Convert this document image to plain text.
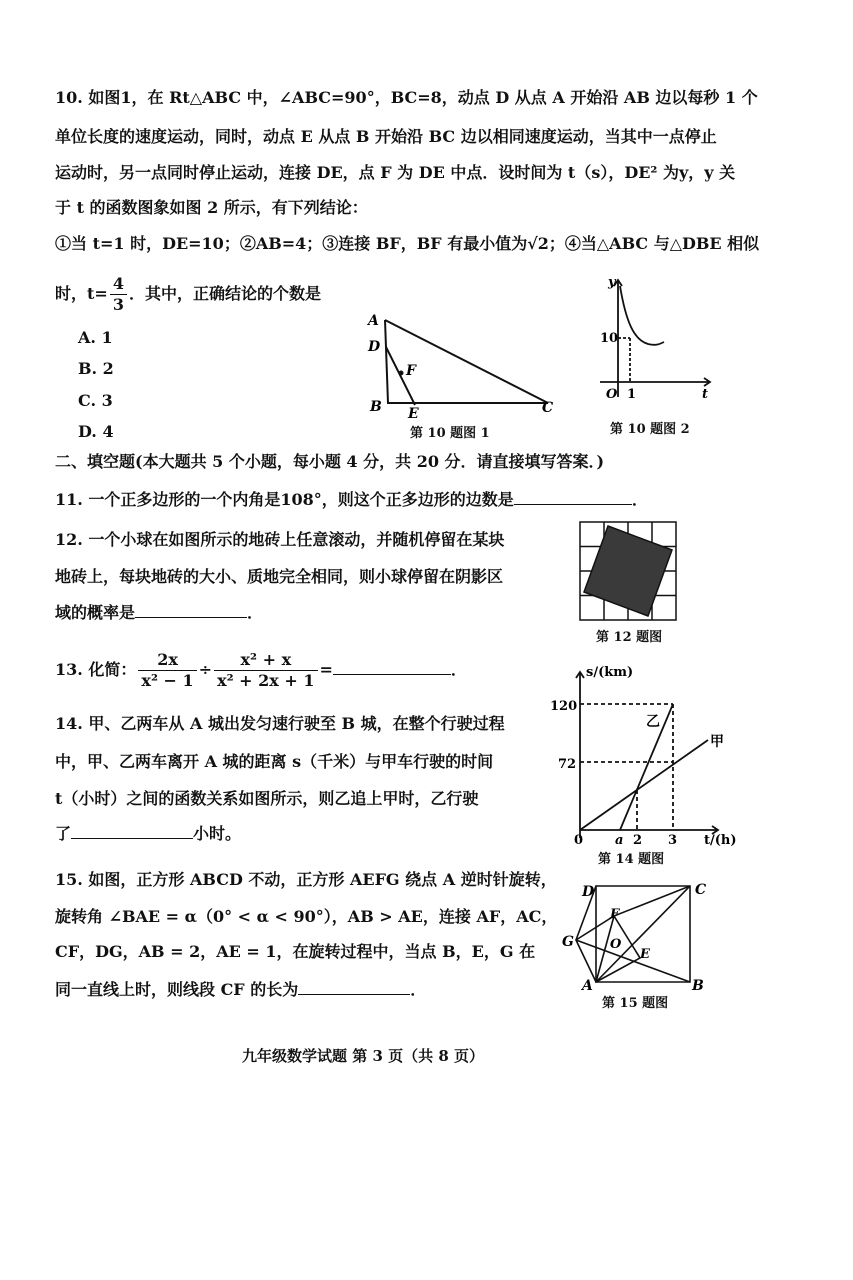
10. 如图1，在 Rt△ABC 中，∠ABC=90°，BC=8，动点 D 从点 A 开始沿 AB 边以每秒 1 个
单位长度的速度运动，同时，动点 E 从点 B 开始沿 BC 边以相同速度运动，当其中一点停止
运动时，另一点同时停止运动，连接 DE，点 F 为 DE 中点．设时间为 t（s），DE² 为y，y 关
于 t 的函数图象如图 2 所示，有下列结论：
①当 t=1 时，DE=10；②AB=4；③连接 BF，BF 有最小值为√2；④当△ABC 与△DBE 相似
时，$t= \frac{4}{3}$ ．其中，正确结论的个数是
A. 1
B. 2
C. 3
D. 4
A
D
F
B E	C
第 10 题图 1
y
10
O 1	t
第 10 题图 2
二、填空题(本大题共 5 个小题，每小题 4 分，共 20 分．请直接填写答案．)
11. 一个正多边形的一个内角是108°，则这个正多边形的边数是	．
12. 一个小球在如图所示的地砖上任意滚动，并随机停留在某块
地砖上，每块地砖的大小、质地完全相同，则小球停留在阴影区
域的概率是	．
第 12 题图
13. 化简： $\frac{2x}{\text{x² − 1}} \div \frac{\text{x² + x}}{\text{x² + 2x + 1}}$ =	．
14. 甲、乙两车从 A 城出发匀速行驶至 B 城，在整个行驶过程
中，甲、乙两车离开 A 城的距离 s（千米）与甲车行驶的时间
t（小时）之间的函数关系如图所示，则乙追上甲时，乙行驶
了	小时。
s/(km)
t/(h)
120
72
0 a 2 3
乙
甲
第 14 题图
15. 如图，正方形 ABCD 不动，正方形 AEFG 绕点 A 逆时针旋转，
旋转角 ∠BAE = α（0° < α < 90°），AB > AE，连接 AF，AC，
CF，DG，AB = 2，AE = 1，在旋转过程中，当点 B，E，G 在
同一直线上时，则线段 CF 的长为	．
D	C
F
G	O
E
A	B
第 15 题图
九年级数学试题 第 3 页（共 8 页）
